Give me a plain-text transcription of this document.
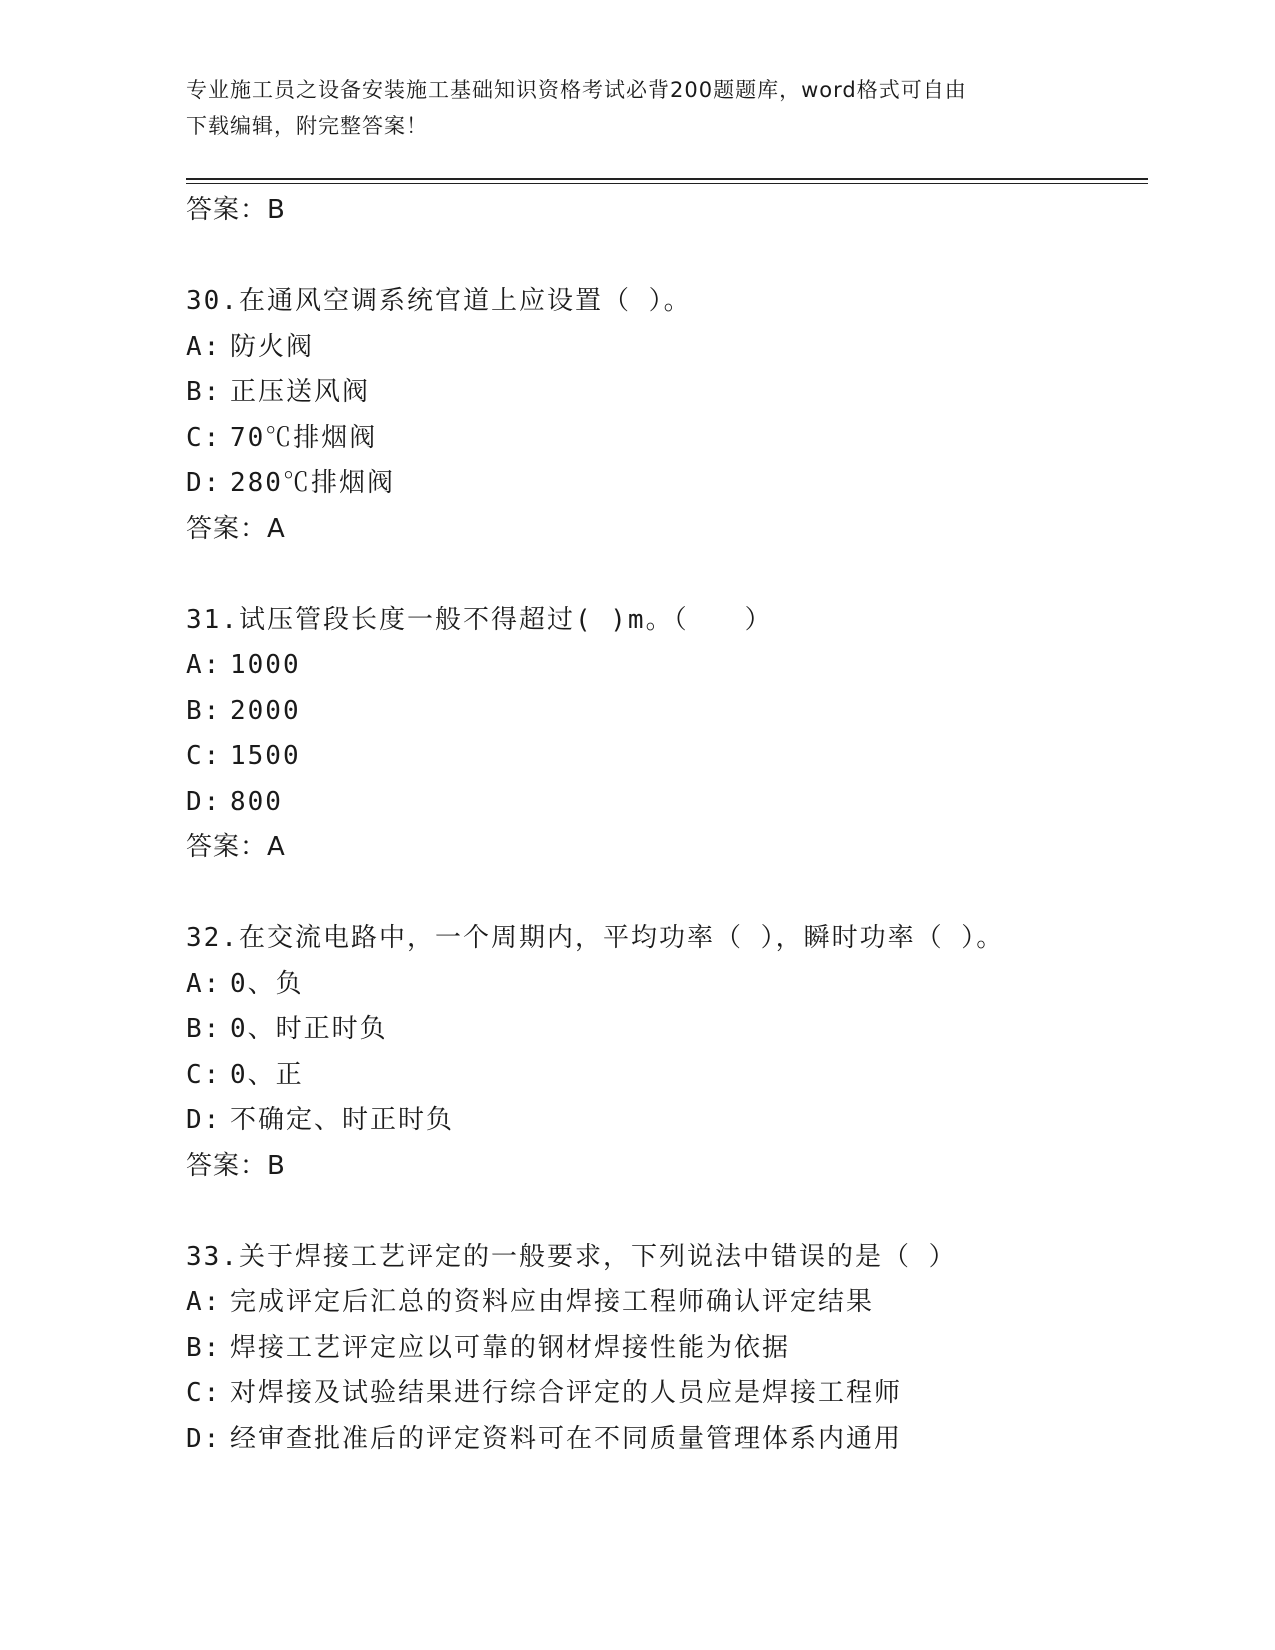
专业施工员之设备安装施工基础知识资格考试必背200题题库，word格式可自由
下载编辑，附完整答案！
答案：B
30.在通风空调系统官道上应设置（ ）。
A: 防火阀
B: 正压送风阀
C: 70℃排烟阀
D: 280℃排烟阀
答案：A
31.试压管段长度一般不得超过( )m。（　　）
A: 1000
B: 2000
C: 1500
D: 800
答案：A
32.在交流电路中，一个周期内，平均功率（ ），瞬时功率（ ）。
A: 0、负
B: 0、时正时负
C: 0、正
D: 不确定、时正时负
答案：B
33.关于焊接工艺评定的一般要求，下列说法中错误的是（ ）
A: 完成评定后汇总的资料应由焊接工程师确认评定结果
B: 焊接工艺评定应以可靠的钢材焊接性能为依据
C: 对焊接及试验结果进行综合评定的人员应是焊接工程师
D: 经审查批准后的评定资料可在不同质量管理体系内通用
